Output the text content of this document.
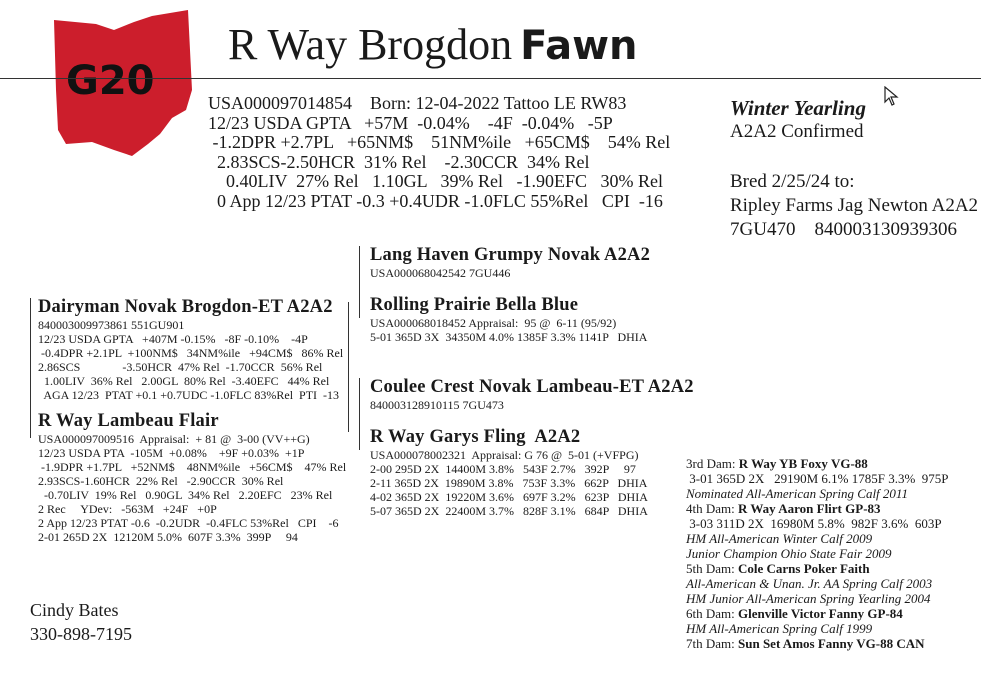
G20
R Way Brogdon Fawn
USA000097014854    Born: 12-04-2022 Tattoo LE RW83
12/23 USDA GPTA   +57M  -0.04%    -4F  -0.04%   -5P
-1.2DPR +2.7PL   +65NM$    51NM%ile   +65CM$    54% Rel
2.83SCS-2.50HCR  31% Rel    -2.30CCR  34% Rel
0.40LIV  27% Rel   1.10GL   39% Rel   -1.90EFC   30% Rel
0 App 12/23 PTAT -0.3 +0.4UDR -1.0FLC 55%Rel   CPI  -16
Winter Yearling
A2A2 Confirmed
Bred 2/25/24 to:
Ripley Farms Jag Newton A2A2
7GU470    840003130939306
Lang Haven Grumpy Novak A2A2
USA000068042542 7GU446
Rolling Prairie Bella Blue
USA000068018452 Appraisal:  95 @  6-11 (95/92)
5-01 365D 3X  34350M 4.0% 1385F 3.3% 1141P   DHIA
Dairyman Novak Brogdon-ET A2A2
840003009973861 551GU901
12/23 USDA GPTA   +407M -0.15%   -8F -0.10%    -4P
-0.4DPR +2.1PL  +100NM$   34NM%ile   +94CM$   86% Rel
2.86SCS              -3.50HCR  47% Rel  -1.70CCR  56% Rel
1.00LIV  36% Rel   2.00GL  80% Rel  -3.40EFC   44% Rel
AGA 12/23  PTAT +0.1 +0.7UDC -1.0FLC 83%Rel  PTI  -13
R Way Lambeau Flair
USA000097009516  Appraisal:  + 81 @  3-00 (VV++G)
12/23 USDA PTA  -105M  +0.08%    +9F +0.03%  +1P
-1.9DPR +1.7PL   +52NM$    48NM%ile   +56CM$    47% Rel
2.93SCS-1.60HCR  22% Rel   -2.90CCR  30% Rel
-0.70LIV  19% Rel   0.90GL  34% Rel   2.20EFC   23% Rel
2 Rec     YDev:   -563M   +24F   +0P
2 App 12/23 PTAT -0.6  -0.2UDR  -0.4FLC 53%Rel   CPI    -6
2-01 265D 2X  12120M 5.0%  607F 3.3%  399P     94
Coulee Crest Novak Lambeau-ET A2A2
840003128910115 7GU473
R Way Garys Fling  A2A2
USA000078002321  Appraisal: G 76 @  5-01 (+VFPG)
2-00 295D 2X  14400M 3.8%   543F 2.7%   392P     97
2-11 365D 2X  19890M 3.8%   753F 3.3%   662P   DHIA
4-02 365D 2X  19220M 3.6%   697F 3.2%   623P   DHIA
5-07 365D 2X  22400M 3.7%   828F 3.1%   684P   DHIA
3rd Dam: R Way YB Foxy VG-88
3-01 365D 2X   29190M 6.1% 1785F 3.3%  975P
Nominated All-American Spring Calf 2011
4th Dam: R Way Aaron Flirt GP-83
3-03 311D 2X  16980M 5.8%  982F 3.6%  603P
HM All-American Winter Calf 2009
Junior Champion Ohio State Fair 2009
5th Dam: Cole Carns Poker Faith
All-American & Unan. Jr. AA Spring Calf 2003
HM Junior All-American Spring Yearling 2004
6th Dam: Glenville Victor Fanny GP-84
HM All-American Spring Calf 1999
7th Dam: Sun Set Amos Fanny VG-88 CAN
Cindy Bates
330-898-7195
